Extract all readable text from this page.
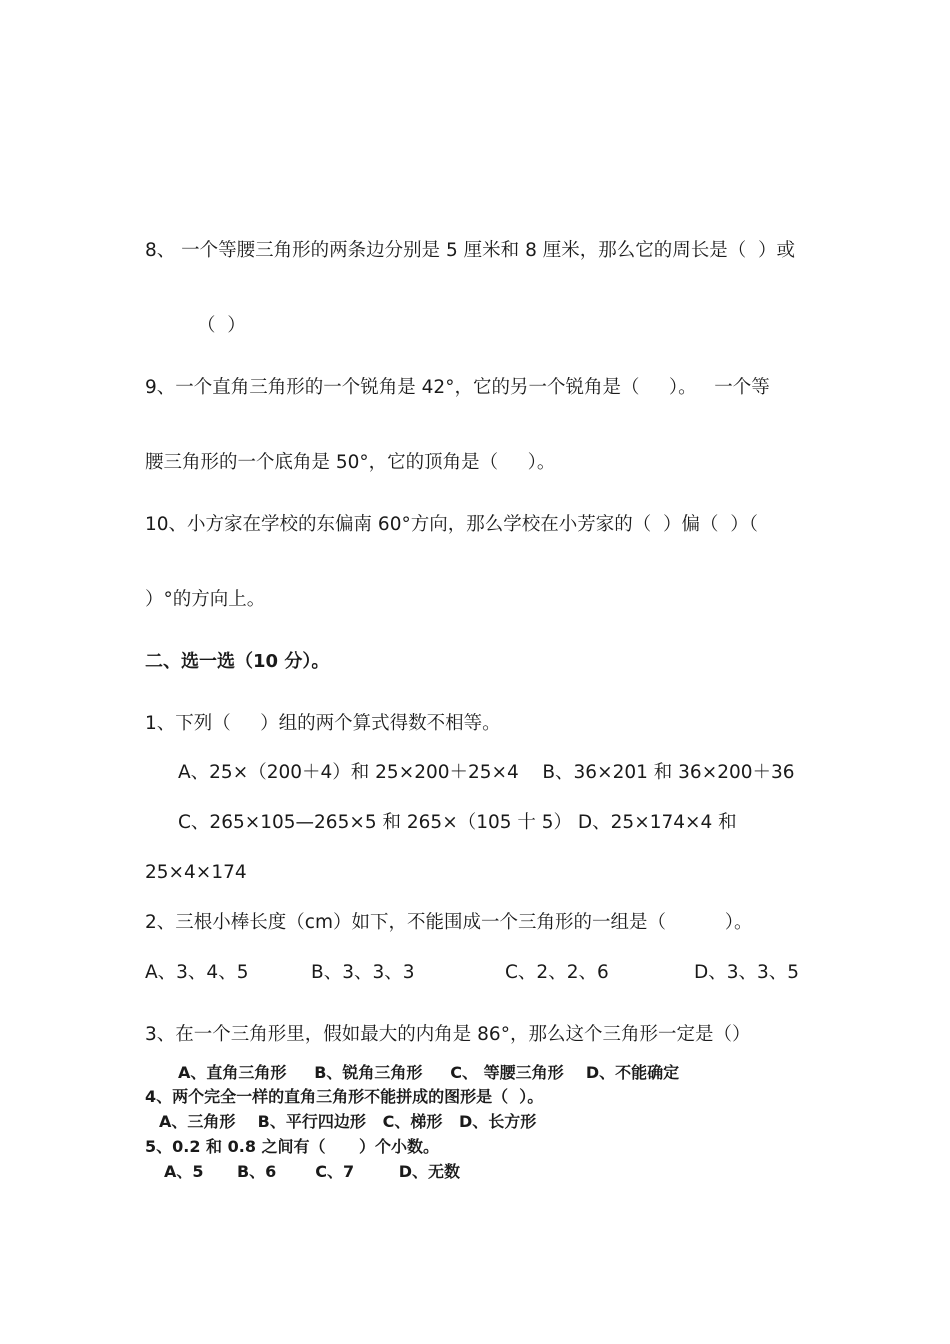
8、 一个等腰三角形的两条边分别是 5 厘米和 8 厘米，那么它的周长是（  ）或
（  ）
9、一个直角三角形的一个锐角是 42°，它的另一个锐角是（     ）。   一个等
腰三角形的一个底角是 50°，它的顶角是（     ）。
10、小方家在学校的东偏南 60°方向，那么学校在小芳家的（  ）偏（  ）（
）°的方向上。
二、选一选（10 分）。
1、下列（     ）组的两个算式得数不相等。
A、25×（200＋4）和 25×200＋25×4    B、36×201 和 36×200＋36
C、265×105—265×5 和 265×（105 十 5） D、25×174×4 和
25×4×174
2、三根小棒长度（cm）如下，不能围成一个三角形的一组是（          ）。
A、3、4、5	B、3、3、3	C、2、2、6	D、3、3、5
3、在一个三角形里，假如最大的内角是 86°，那么这个三角形一定是（）
A、直角三角形     B、锐角三角形     C、 等腰三角形    D、不能确定
4、两个完全一样的直角三角形不能拼成的图形是（  ）。
A、三角形    B、平行四边形   C、梯形   D、长方形
5、0.2 和 0.8 之间有（      ）个小数。
A、5      B、6       C、7        D、无数
